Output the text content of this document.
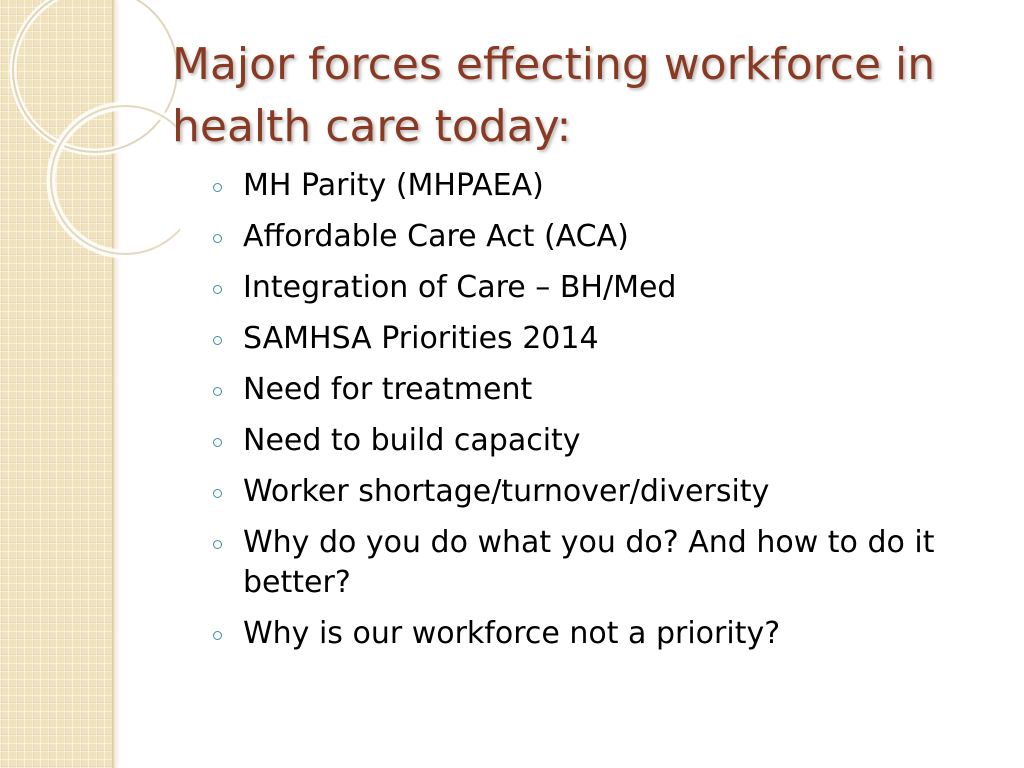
Major forces effecting workforce in health care today:
MH Parity (MHPAEA)
Affordable Care Act (ACA)
Integration of Care – BH/Med
SAMHSA Priorities 2014
Need for treatment
Need to build capacity
Worker shortage/turnover/diversity
Why do you do what you do? And how to do it better?
Why is our workforce not a priority?
